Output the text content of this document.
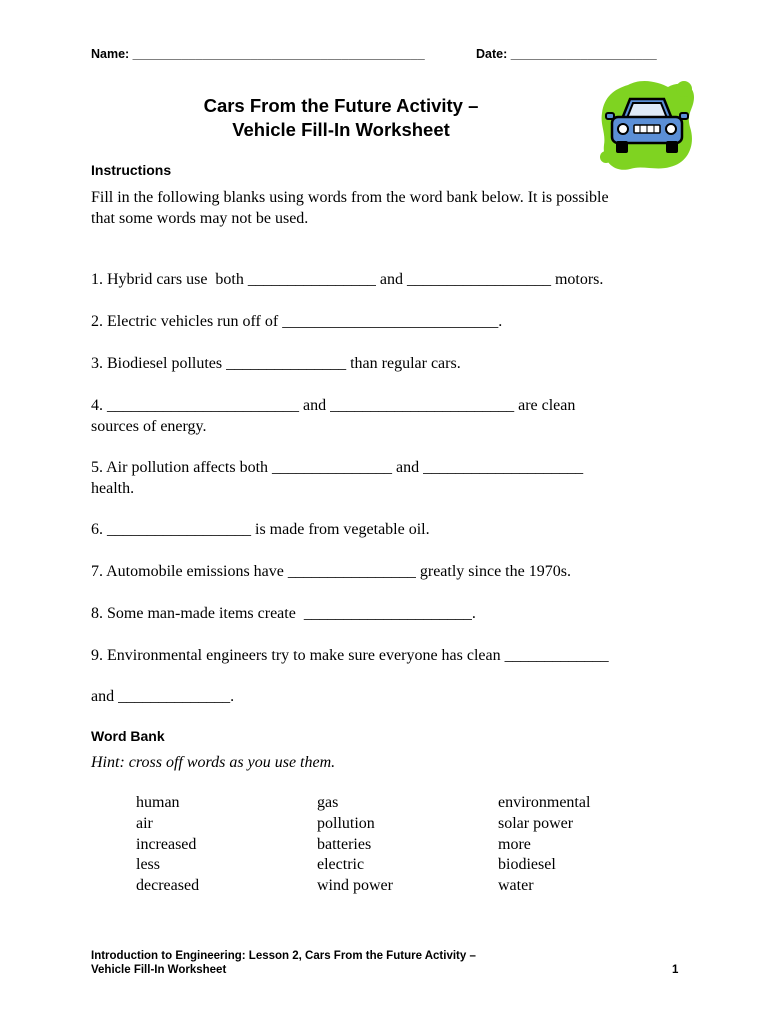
Name: __________________________________________	Date: _____________________
Cars From the Future Activity –
Vehicle Fill-In Worksheet
Instructions
Fill in the following blanks using words from the word bank below. It is possible
that some words may not be used.
1. Hybrid cars use  both ________________ and __________________ motors.
2. Electric vehicles run off of ___________________________.
3. Biodiesel pollutes _______________ than regular cars.
4. ________________________ and _______________________ are clean
sources of energy.
5. Air pollution affects both _______________ and ____________________
health.
6. __________________ is made from vegetable oil.
7. Automobile emissions have ________________ greatly since the 1970s.
8. Some man-made items create  _____________________.
9. Environmental engineers try to make sure everyone has clean _____________
and ______________.
Word Bank
Hint: cross off words as you use them.
human
air
increased
less
decreased
gas
pollution
batteries
electric
wind power
environmental
solar power
more
biodiesel
water
Introduction to Engineering: Lesson 2, Cars From the Future Activity –
Vehicle Fill-In Worksheet	1
